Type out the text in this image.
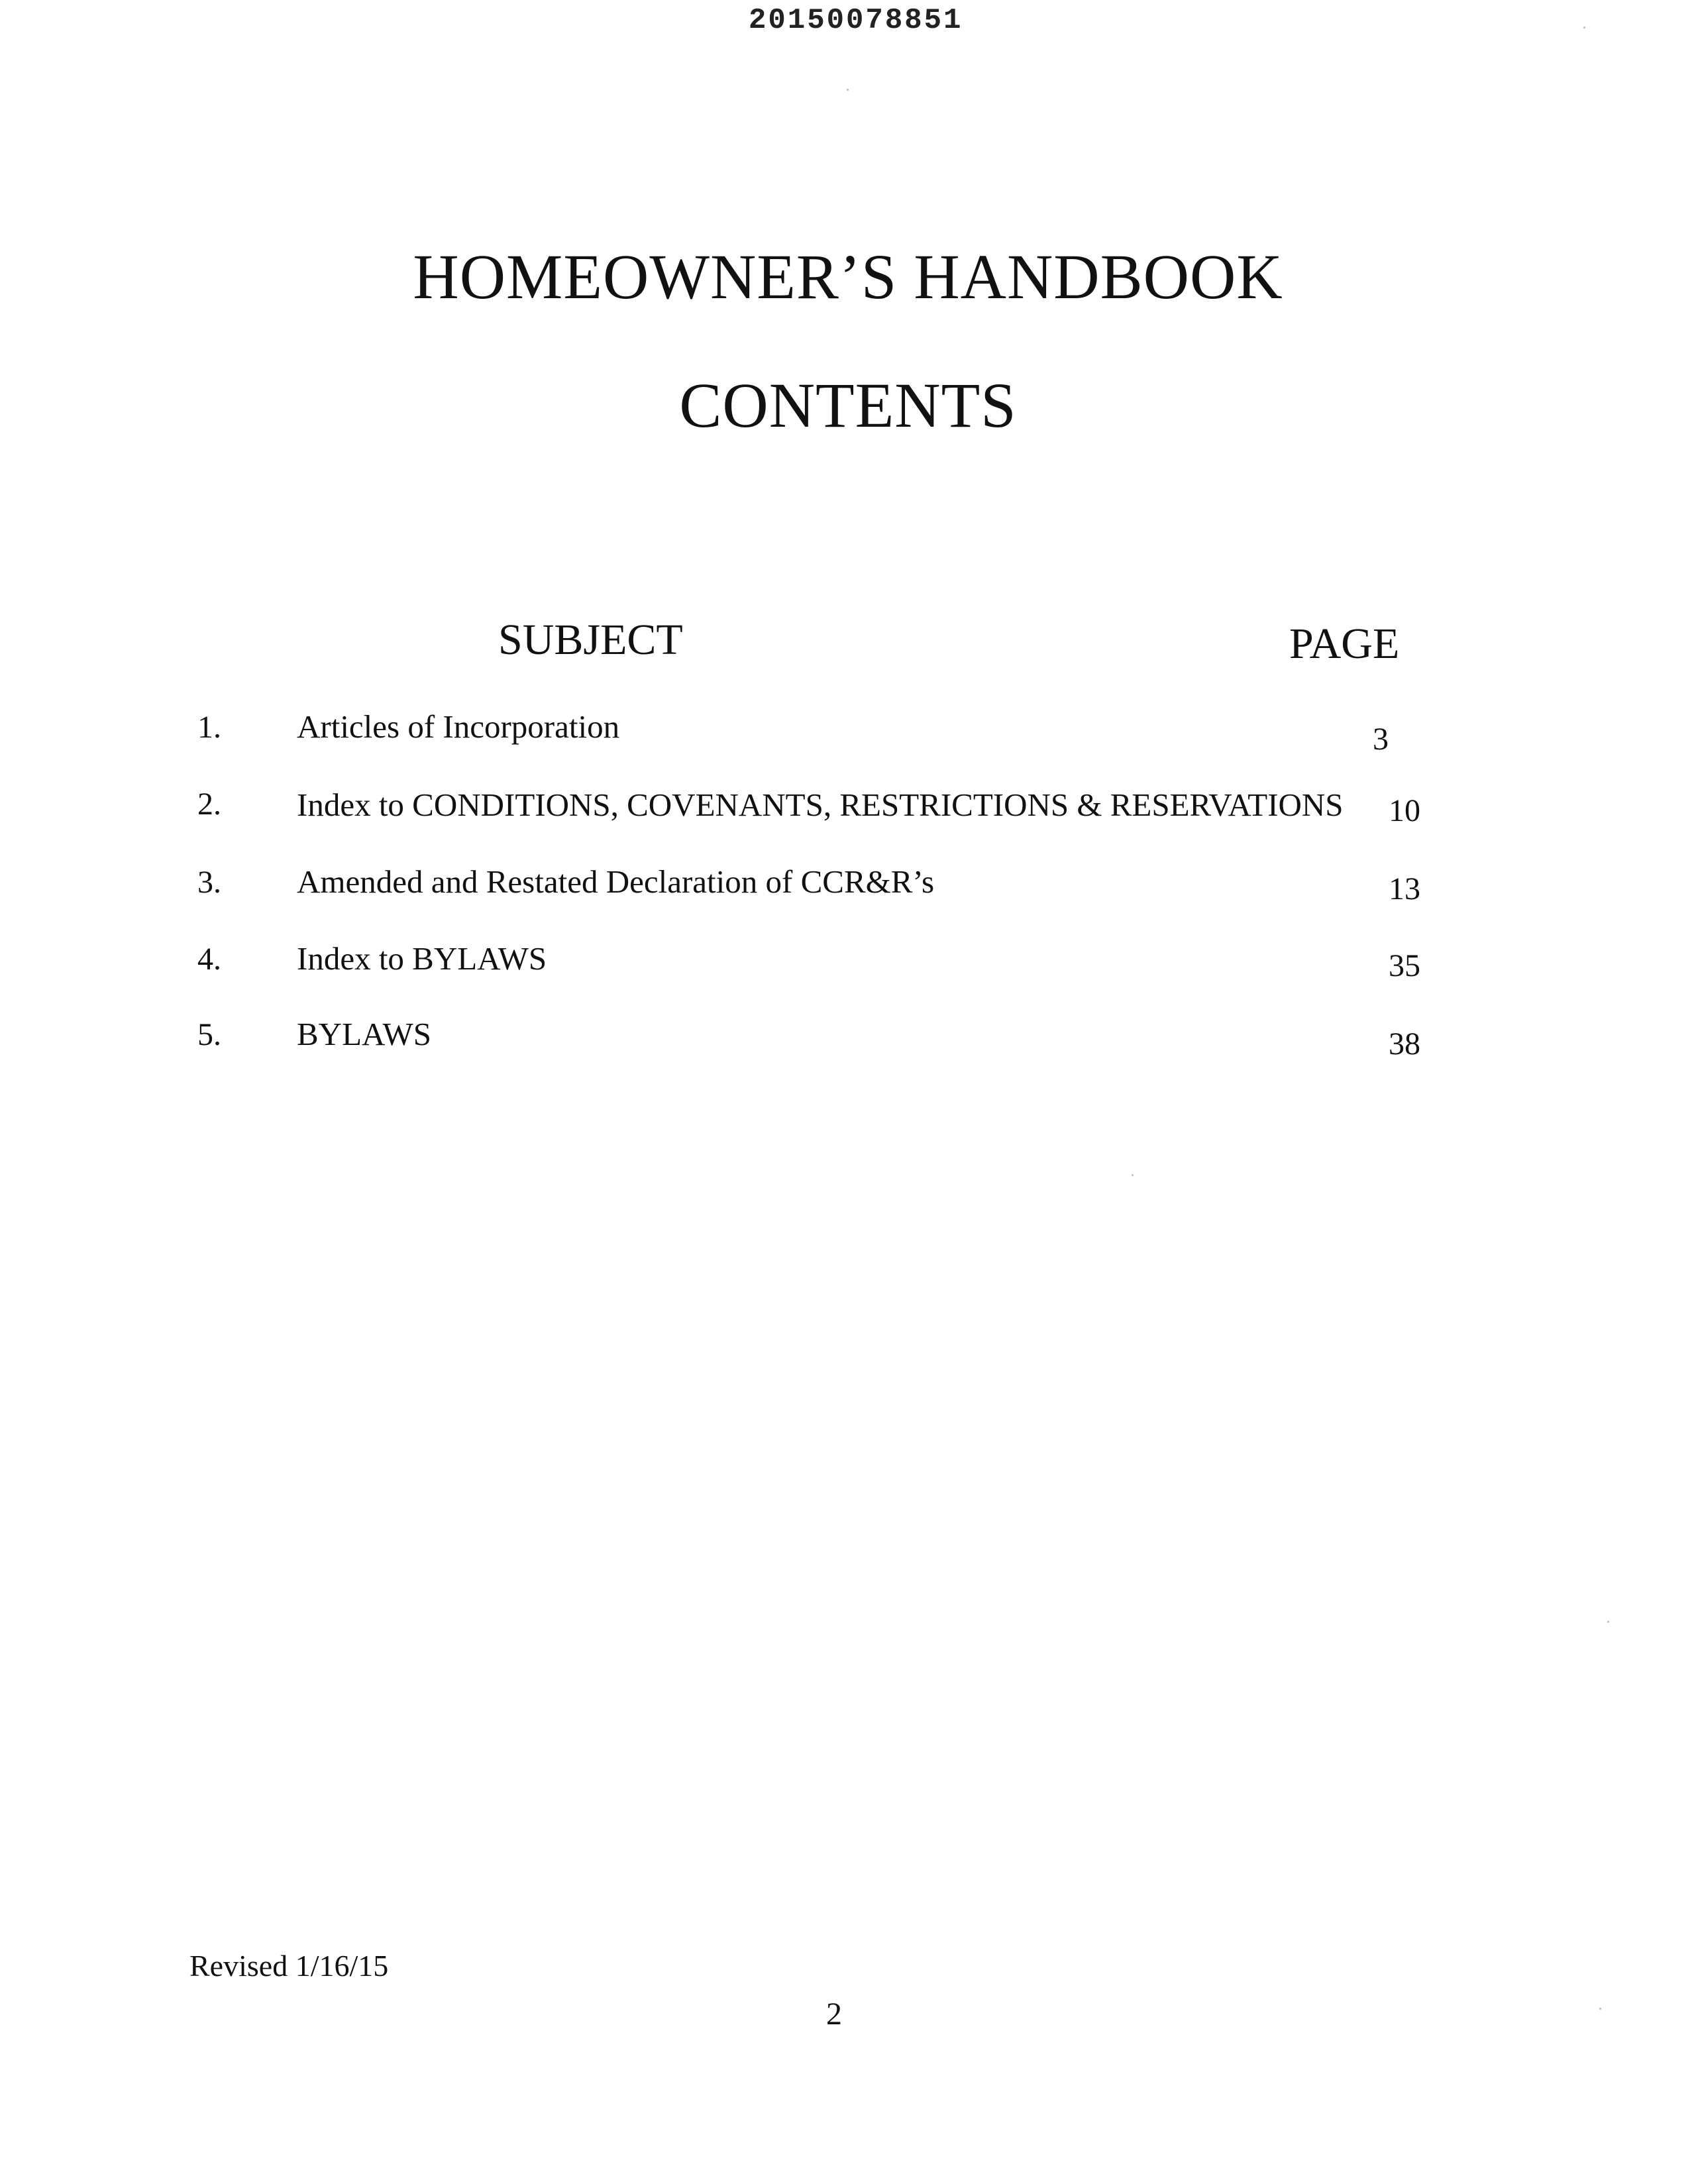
20150078851
HOMEOWNER’S HANDBOOK
CONTENTS
SUBJECT	PAGE
1. Articles of Incorporation	3
2. Index to CONDITIONS, COVENANTS, RESTRICTIONS & RESERVATIONS	10
3. Amended and Restated Declaration of CCR&R’s	13
4. Index to BYLAWS	35
5. BYLAWS	38
Revised 1/16/15
2
